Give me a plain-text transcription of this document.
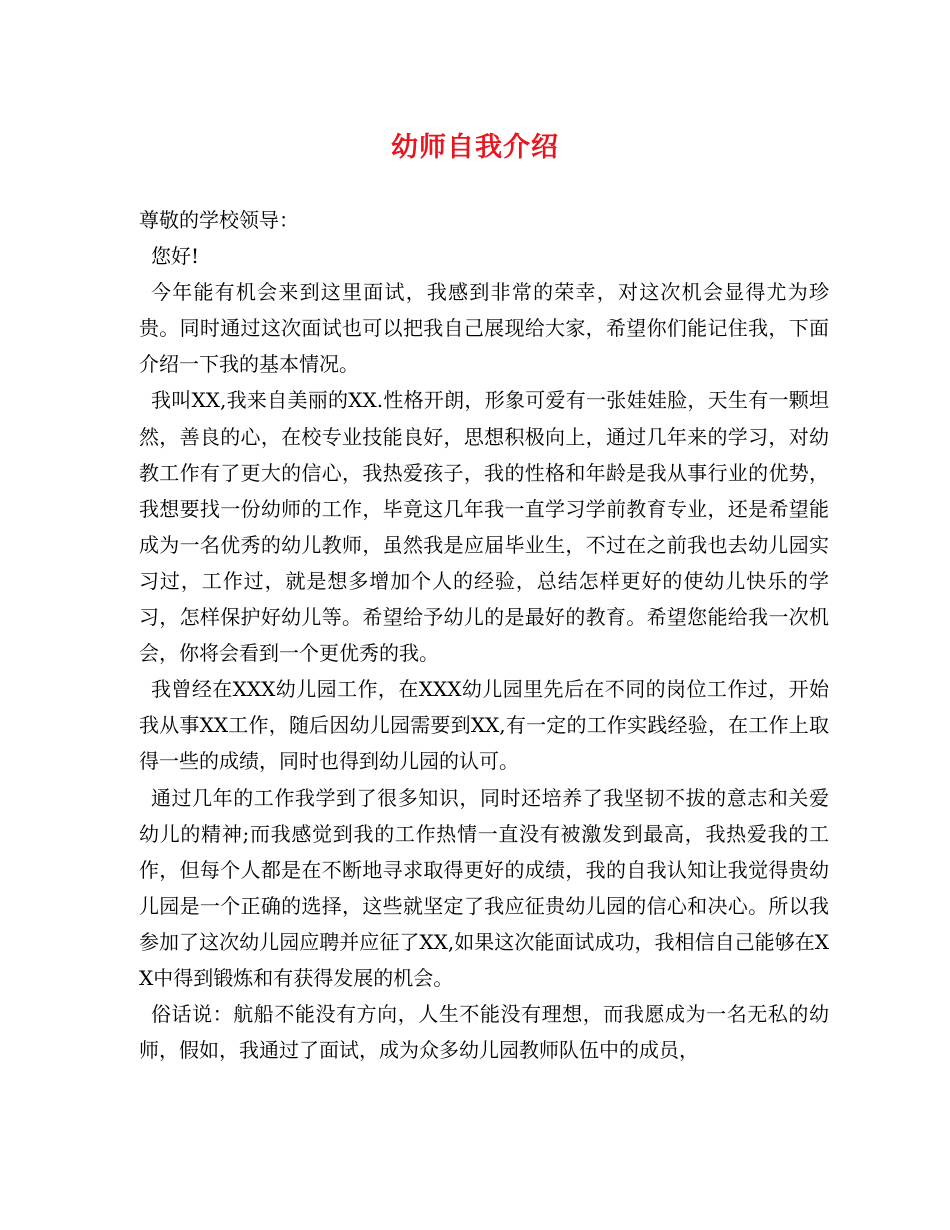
幼师自我介绍

尊敬的学校领导：

您好!

今年能有机会来到这里面试，我感到非常的荣幸，对这次机会显得尤为珍贵。同时通过这次面试也可以把我自己展现给大家，希望你们能记住我，下面介绍一下我的基本情况。

我叫XX,我来自美丽的XX.性格开朗，形象可爱有一张娃娃脸，天生有一颗坦然，善良的心，在校专业技能良好，思想积极向上，通过几年来的学习，对幼教工作有了更大的信心，我热爱孩子，我的性格和年龄是我从事行业的优势，我想要找一份幼师的工作，毕竟这几年我一直学习学前教育专业，还是希望能成为一名优秀的幼儿教师，虽然我是应届毕业生，不过在之前我也去幼儿园实习过，工作过，就是想多增加个人的经验，总结怎样更好的使幼儿快乐的学习，怎样保护好幼儿等。希望给予幼儿的是最好的教育。希望您能给我一次机会，你将会看到一个更优秀的我。

我曾经在XXX幼儿园工作，在XXX幼儿园里先后在不同的岗位工作过，开始我从事XX工作，随后因幼儿园需要到XX,有一定的工作实践经验，在工作上取得一些的成绩，同时也得到幼儿园的认可。

通过几年的工作我学到了很多知识，同时还培养了我坚韧不拔的意志和关爱幼儿的精神;而我感觉到我的工作热情一直没有被激发到最高，我热爱我的工作，但每个人都是在不断地寻求取得更好的成绩，我的自我认知让我觉得贵幼儿园是一个正确的选择，这些就坚定了我应征贵幼儿园的信心和决心。所以我参加了这次幼儿园应聘并应征了XX,如果这次能面试成功，我相信自己能够在XX中得到锻炼和有获得发展的机会。

俗话说：航船不能没有方向，人生不能没有理想，而我愿成为一名无私的幼师，假如，我通过了面试，成为众多幼儿园教师队伍中的成员，
